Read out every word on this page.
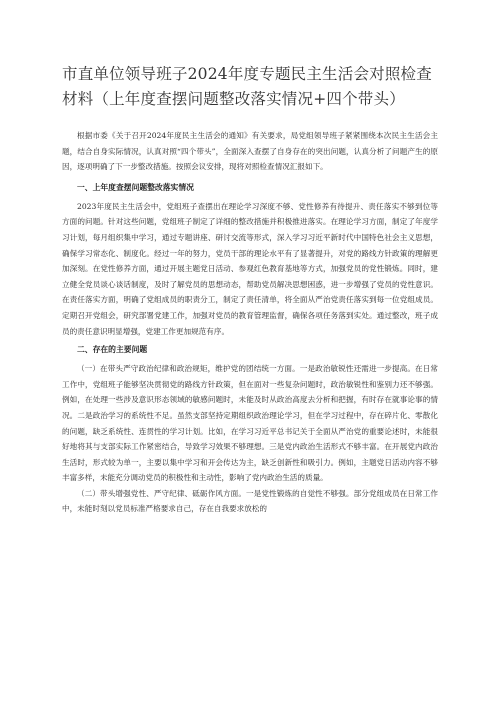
市直单位领导班子2024年度专题民主生活会对照检查材料（上年度查摆问题整改落实情况+四个带头）

根据市委《关于召开2024年度民主生活会的通知》有关要求，局党组领导班子紧紧围绕本次民主生活会主题，结合自身实际情况，认真对照“四个带头”，全面深入查摆了自身存在的突出问题，认真分析了问题产生的原因，逐项明确了下一步整改措施。按照会议安排，现将对照检查情况汇报如下。

一、上年度查摆问题整改落实情况

2023年度民主生活会中，党组班子查摆出在理论学习深度不够、党性修养有待提升、责任落实不够到位等方面的问题。针对这些问题，党组班子制定了详细的整改措施并积极推进落实。在理论学习方面，制定了年度学习计划，每月组织集中学习，通过专题讲座、研讨交流等形式，深入学习习近平新时代中国特色社会主义思想，确保学习常态化、制度化。经过一年的努力，党员干部的理论水平有了显著提升，对党的路线方针政策的理解更加深刻。在党性修养方面，通过开展主题党日活动、参观红色教育基地等方式，加强党员的党性锻炼。同时，建立健全党员谈心谈话制度，及时了解党员的思想动态，帮助党员解决思想困惑，进一步增强了党员的党性意识。在责任落实方面，明确了党组成员的职责分工，制定了责任清单，将全面从严治党责任落实到每一位党组成员。定期召开党组会，研究部署党建工作，加强对党员的教育管理监督，确保各项任务落到实处。通过整改，班子成员的责任意识明显增强，党建工作更加规范有序。

二、存在的主要问题

（一）在带头严守政治纪律和政治规矩，维护党的团结统一方面。一是政治敏锐性还需进一步提高。在日常工作中，党组班子能够坚决贯彻党的路线方针政策，但在面对一些复杂问题时，政治敏锐性和鉴别力还不够强。例如，在处理一些涉及意识形态领域的敏感问题时，未能及时从政治高度去分析和把握，有时存在就事论事的情况。二是政治学习的系统性不足。虽然支部坚持定期组织政治理论学习，但在学习过程中，存在碎片化、零散化的问题，缺乏系统性、连贯性的学习计划。比如，在学习习近平总书记关于全面从严治党的重要论述时，未能很好地将其与支部实际工作紧密结合，导致学习效果不够理想。三是党内政治生活形式不够丰富。在开展党内政治生活时，形式较为单一，主要以集中学习和开会传达为主，缺乏创新性和吸引力。例如，主题党日活动内容不够丰富多样，未能充分调动党员的积极性和主动性，影响了党内政治生活的质量。

（二）带头增强党性、严守纪律、砥砺作风方面。一是党性锻炼的自觉性不够强。部分党组成员在日常工作中，未能时刻以党员标准严格要求自己，存在自我要求放松的
